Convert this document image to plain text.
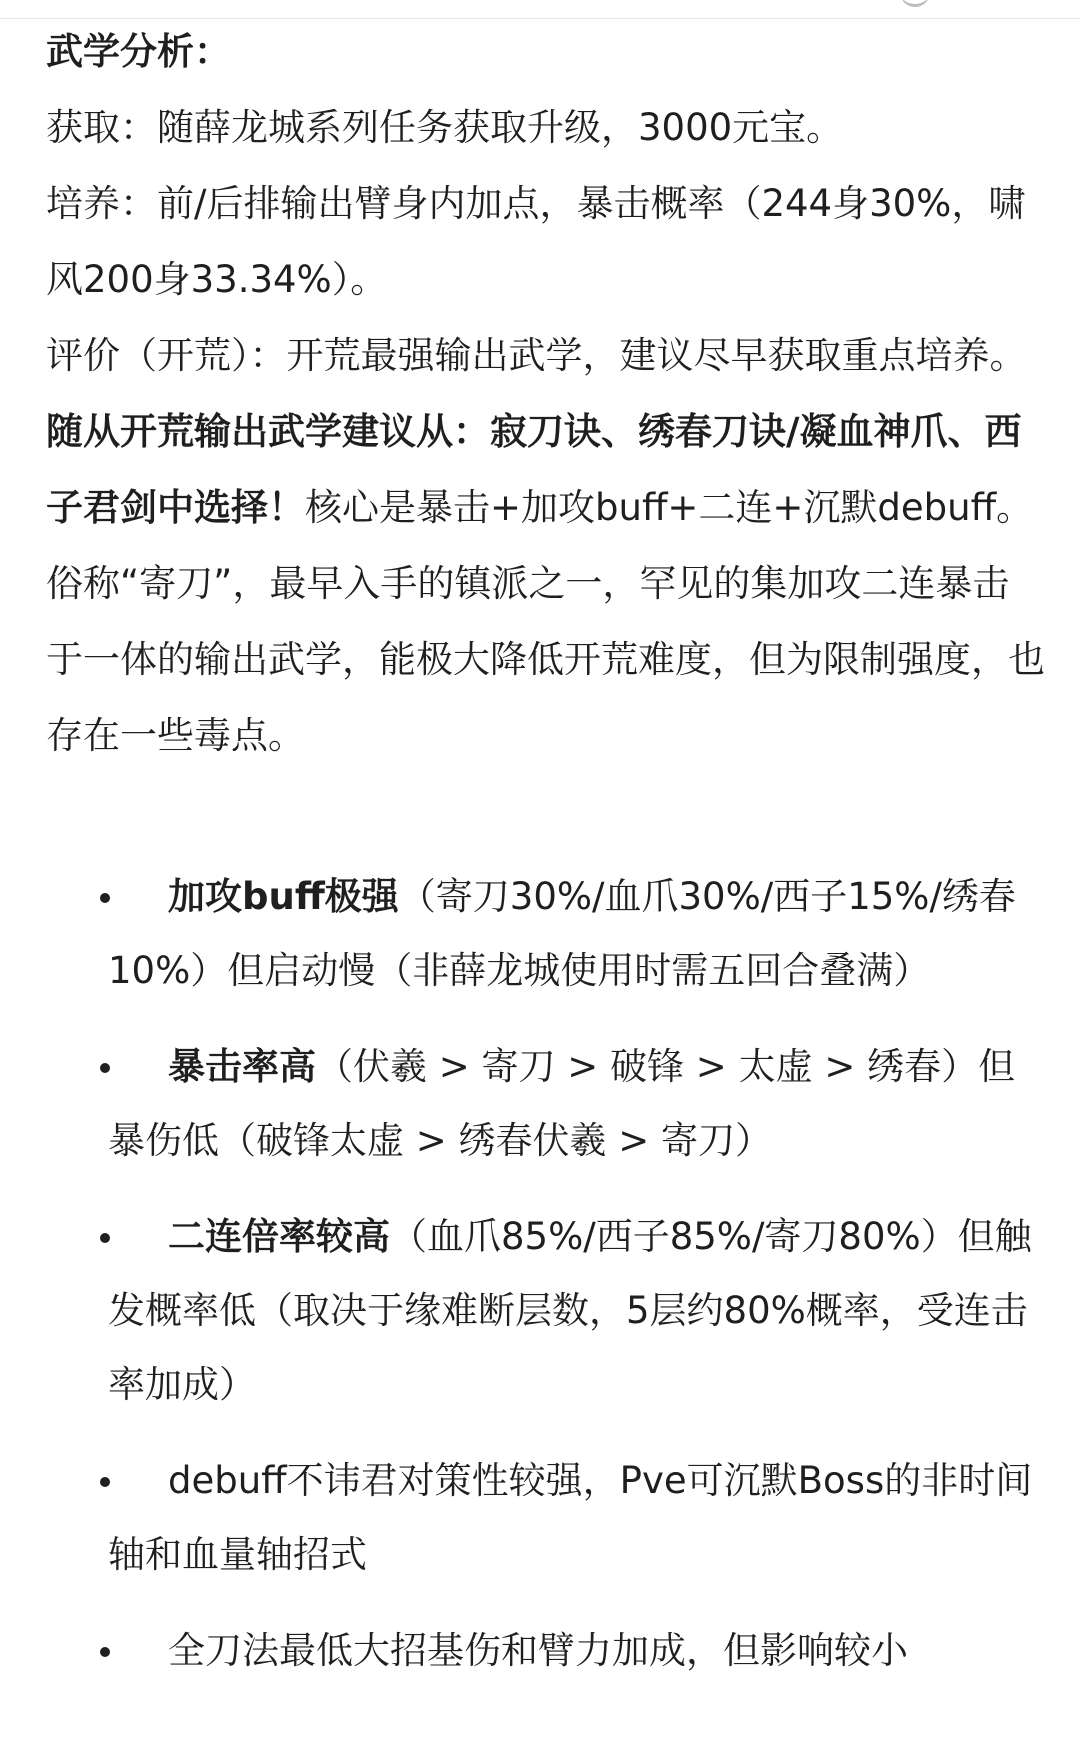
武学分析：

获取：随薛龙城系列任务获取升级，3000元宝。

培养：前/后排输出臂身内加点，暴击概率（244身30%，啸风200身33.34%）。

评价（开荒）：开荒最强输出武学，建议尽早获取重点培养。随从开荒输出武学建议从：寂刀诀、绣春刀诀/凝血神爪、西子君剑中选择！核心是暴击+加攻buff+二连+沉默debuff。

俗称“寄刀”，最早入手的镇派之一，罕见的集加攻二连暴击于一体的输出武学，能极大降低开荒难度，但为限制强度，也存在一些毒点。

加攻buff极强（寄刀30%/血爪30%/西子15%/绣春10%）但启动慢（非薛龙城使用时需五回合叠满）
暴击率高（伏羲 > 寄刀 > 破锋 > 太虚 > 绣春）但暴伤低（破锋太虚 > 绣春伏羲 > 寄刀）
二连倍率较高（血爪85%/西子85%/寄刀80%）但触发概率低（取决于缘难断层数，5层约80%概率，受连击率加成）
debuff不讳君对策性较强，Pve可沉默Boss的非时间轴和血量轴招式
全刀法最低大招基伤和臂力加成，但影响较小
